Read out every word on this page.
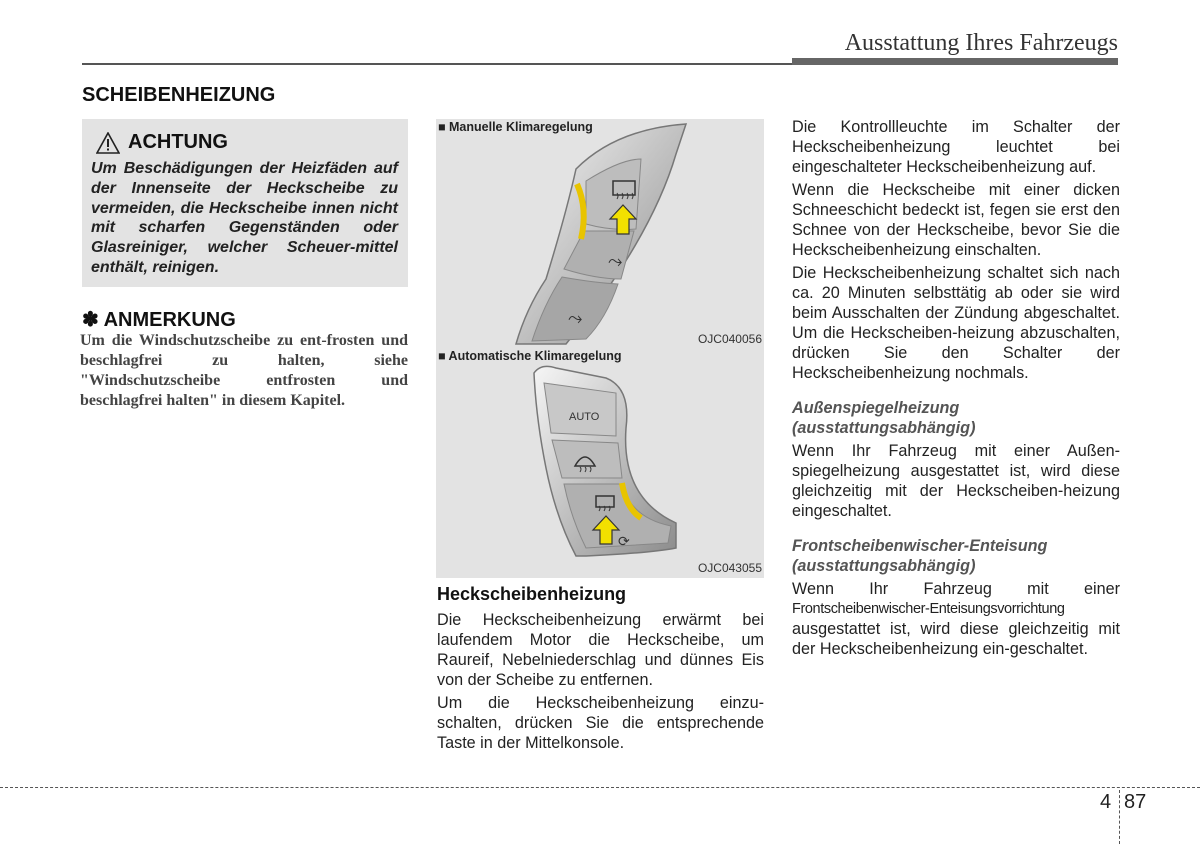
Ausstattung Ihres Fahrzeugs
SCHEIBENHEIZUNG
ACHTUNG
Um Beschädigungen der Heizfäden auf der Innenseite der Heckscheibe zu vermeiden, die Heckscheibe innen nicht mit scharfen Gegenständen oder Glasreiniger, welcher Scheuer-mittel enthält, reinigen.
✽ ANMERKUNG
Um die Windschutzscheibe zu ent-frosten und beschlagfrei zu halten, siehe "Windschutzscheibe entfrosten und beschlagfrei halten" in diesem Kapitel.
⤳
⤳
■ Manuelle Klimaregelung
OJC040056
AUTO
⟳
■ Automatische Klimaregelung
OJC043055
Heckscheibenheizung

Die Heckscheibenheizung erwärmt bei laufendem Motor die Heckscheibe, um Raureif, Nebelniederschlag und dünnes Eis von der Scheibe zu entfernen.

Um die Heckscheibenheizung einzu-schalten, drücken Sie die entsprechende Taste in der Mittelkonsole.

Die Kontrollleuchte im Schalter der Heckscheibenheizung leuchtet bei eingeschalteter Heckscheibenheizung auf.

Wenn die Heckscheibe mit einer dicken Schneeschicht bedeckt ist, fegen sie erst den Schnee von der Heckscheibe, bevor Sie die Heckscheibenheizung einschalten.

Die Heckscheibenheizung schaltet sich nach ca. 20 Minuten selbsttätig ab oder sie wird beim Ausschalten der Zündung abgeschaltet. Um die Heckscheiben-heizung abzuschalten, drücken Sie den Schalter der Heckscheibenheizung nochmals.

Außenspiegelheizung (ausstattungsabhängig)

Wenn Ihr Fahrzeug mit einer Außen-spiegelheizung ausgestattet ist, wird diese gleichzeitig mit der Heckscheiben-heizung eingeschaltet.

Frontscheibenwischer-Enteisung (ausstattungsabhängig)

Wenn Ihr Fahrzeug mit einer

Frontscheibenwischer-Enteisungsvorrichtung

ausgestattet ist, wird diese gleichzeitig mit der Heckscheibenheizung ein-geschaltet.

4 87
